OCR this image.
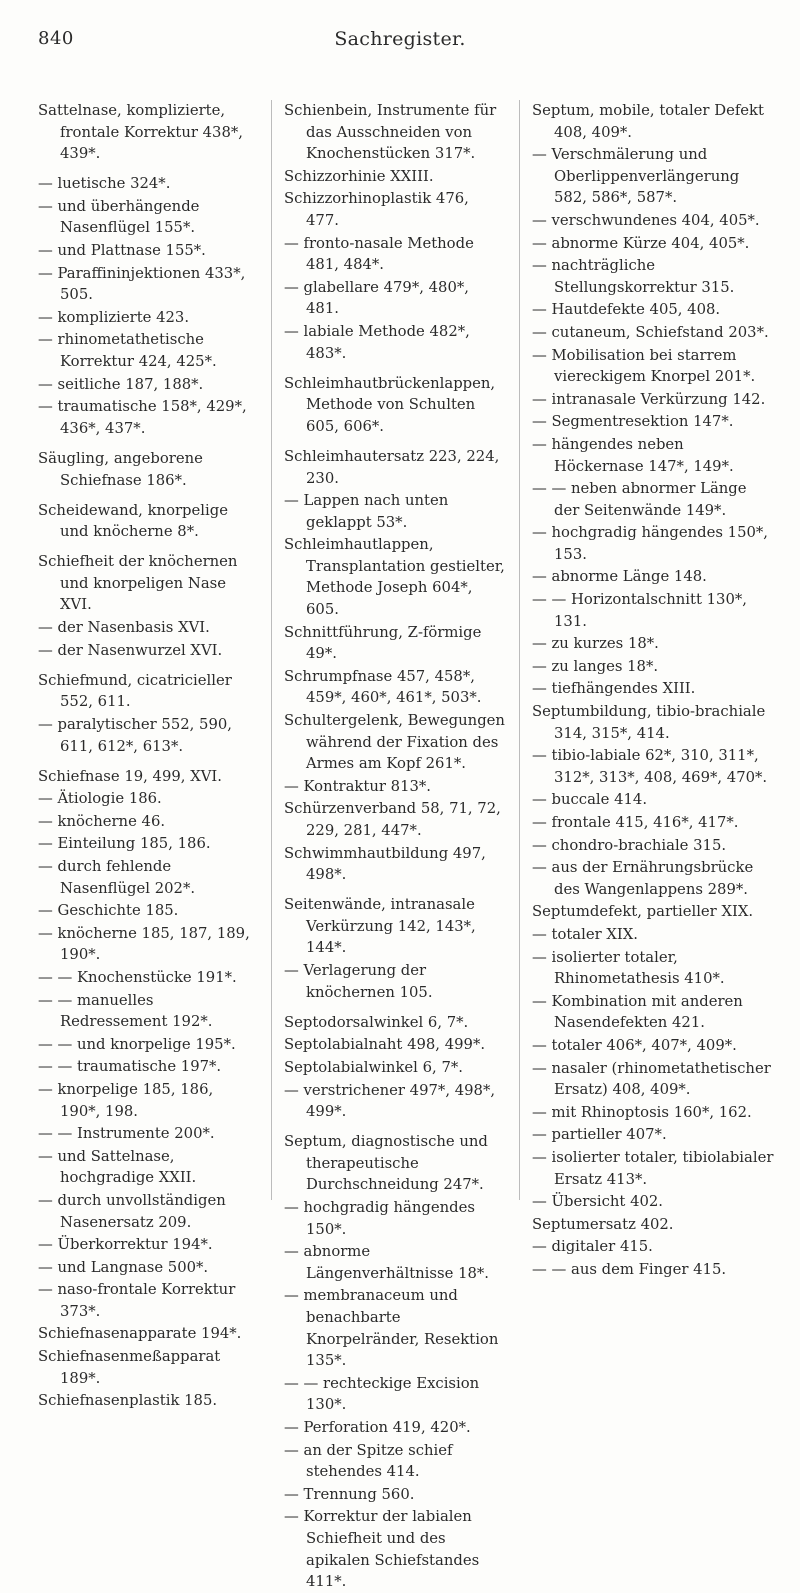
840	Sachregister.
Sattelnase, komplizierte, frontale Korrektur 438*, 439*.
— luetische 324*.
— und überhängende Nasenflügel 155*.
— und Plattnase 155*.
— Paraffininjektionen 433*, 505.
— komplizierte 423.
— rhinometathetische Korrektur 424, 425*.
— seitliche 187, 188*.
— traumatische 158*, 429*, 436*, 437*.
Säugling, angeborene Schiefnase 186*.
Scheidewand, knorpelige und knöcherne 8*.
Schiefheit der knöchernen und knorpeligen Nase XVI.
— der Nasenbasis XVI.
— der Nasenwurzel XVI.
Schiefmund, cicatricieller 552, 611.
— paralytischer 552, 590, 611, 612*, 613*.
Schiefnase 19, 499, XVI.
— Ätiologie 186.
— knöcherne 46.
— Einteilung 185, 186.
— durch fehlende Nasenflügel 202*.
— Geschichte 185.
— knöcherne 185, 187, 189, 190*.
— — Knochenstücke 191*.
— — manuelles Redressement 192*.
— — und knorpelige 195*.
— — traumatische 197*.
— knorpelige 185, 186, 190*, 198.
— — Instrumente 200*.
— und Sattelnase, hochgradige XXII.
— durch unvollständigen Nasenersatz 209.
— Überkorrektur 194*.
— und Langnase 500*.
— naso-frontale Korrektur 373*.
Schiefnasenapparate 194*.
Schiefnasenmeßapparat 189*.
Schiefnasenplastik 185.
Schienbein, Instrumente für das Ausschneiden von Knochenstücken 317*.
Schizzorhinie XXIII.
Schizzorhinoplastik 476, 477.
— fronto-nasale Methode 481, 484*.
— glabellare 479*, 480*, 481.
— labiale Methode 482*, 483*.
Schleimhautbrückenlappen, Methode von Schulten 605, 606*.
Schleimhautersatz 223, 224, 230.
— Lappen nach unten geklappt 53*.
Schleimhautlappen, Transplantation gestielter, Methode Joseph 604*, 605.
Schnittführung, Z-förmige 49*.
Schrumpfnase 457, 458*, 459*, 460*, 461*, 503*.
Schultergelenk, Bewegungen während der Fixation des Armes am Kopf 261*.
— Kontraktur 813*.
Schürzenverband 58, 71, 72, 229, 281, 447*.
Schwimmhautbildung 497, 498*.
Seitenwände, intranasale Verkürzung 142, 143*, 144*.
— Verlagerung der knöchernen 105.
Septodorsalwinkel 6, 7*.
Septolabialnaht 498, 499*.
Septolabialwinkel 6, 7*.
— verstrichener 497*, 498*, 499*.
Septum, diagnostische und therapeutische Durchschneidung 247*.
— hochgradig hängendes 150*.
— abnorme Längenverhältnisse 18*.
— membranaceum und benachbarte Knorpelränder, Resektion 135*.
— — rechteckige Excision 130*.
— Perforation 419, 420*.
— an der Spitze schief stehendes 414.
— Trennung 560.
— Korrektur der labialen Schiefheit und des apikalen Schiefstandes 411*.
Septum, mobile, totaler Defekt 408, 409*.
— Verschmälerung und Oberlippenverlängerung 582, 586*, 587*.
— verschwundenes 404, 405*.
— abnorme Kürze 404, 405*.
— nachträgliche Stellungskorrektur 315.
— Hautdefekte 405, 408.
— cutaneum, Schiefstand 203*.
— Mobilisation bei starrem viereckigem Knorpel 201*.
— intranasale Verkürzung 142.
— Segmentresektion 147*.
— hängendes neben Höckernase 147*, 149*.
— — neben abnormer Länge der Seitenwände 149*.
— hochgradig hängendes 150*, 153.
— abnorme Länge 148.
— — Horizontalschnitt 130*, 131.
— zu kurzes 18*.
— zu langes 18*.
— tiefhängendes XIII.
Septumbildung, tibio-brachiale 314, 315*, 414.
— tibio-labiale 62*, 310, 311*, 312*, 313*, 408, 469*, 470*.
— buccale 414.
— frontale 415, 416*, 417*.
— chondro-brachiale 315.
— aus der Ernährungsbrücke des Wangenlappens 289*.
Septumdefekt, partieller XIX.
— totaler XIX.
— isolierter totaler, Rhinometathesis 410*.
— Kombination mit anderen Nasendefekten 421.
— totaler 406*, 407*, 409*.
— nasaler (rhinometathetischer Ersatz) 408, 409*.
— mit Rhinoptosis 160*, 162.
— partieller 407*.
— isolierter totaler, tibiolabialer Ersatz 413*.
— Übersicht 402.
Septumersatz 402.
— digitaler 415.
— — aus dem Finger 415.
